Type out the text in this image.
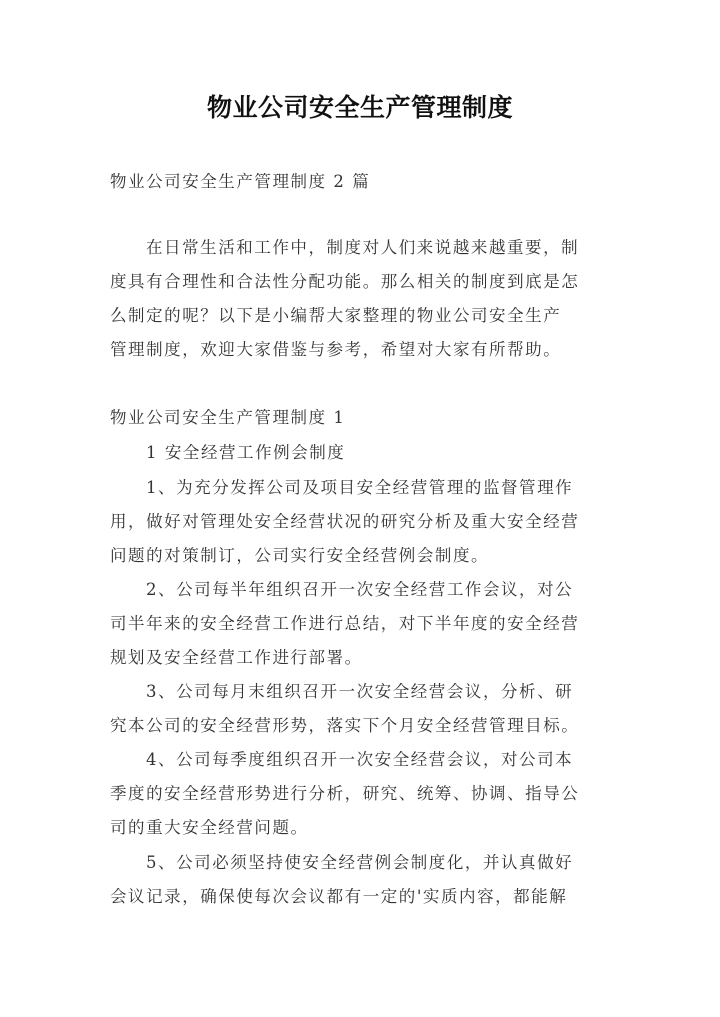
物业公司安全生产管理制度

物业公司安全生产管理制度 2 篇

在日常生活和工作中，制度对人们来说越来越重要，制

度具有合理性和合法性分配功能。那么相关的制度到底是怎

么制定的呢？以下是小编帮大家整理的物业公司安全生产

管理制度，欢迎大家借鉴与参考，希望对大家有所帮助。

物业公司安全生产管理制度 1

1 安全经营工作例会制度

1、为充分发挥公司及项目安全经营管理的监督管理作

用，做好对管理处安全经营状况的研究分析及重大安全经营

问题的对策制订，公司实行安全经营例会制度。

2、公司每半年组织召开一次安全经营工作会议，对公

司半年来的安全经营工作进行总结，对下半年度的安全经营

规划及安全经营工作进行部署。

3、公司每月末组织召开一次安全经营会议，分析、研

究本公司的安全经营形势，落实下个月安全经营管理目标。

4、公司每季度组织召开一次安全经营会议，对公司本

季度的安全经营形势进行分析，研究、统筹、协调、指导公

司的重大安全经营问题。

5、公司必须坚持使安全经营例会制度化，并认真做好

会议记录，确保使每次会议都有一定的'实质内容，都能解
